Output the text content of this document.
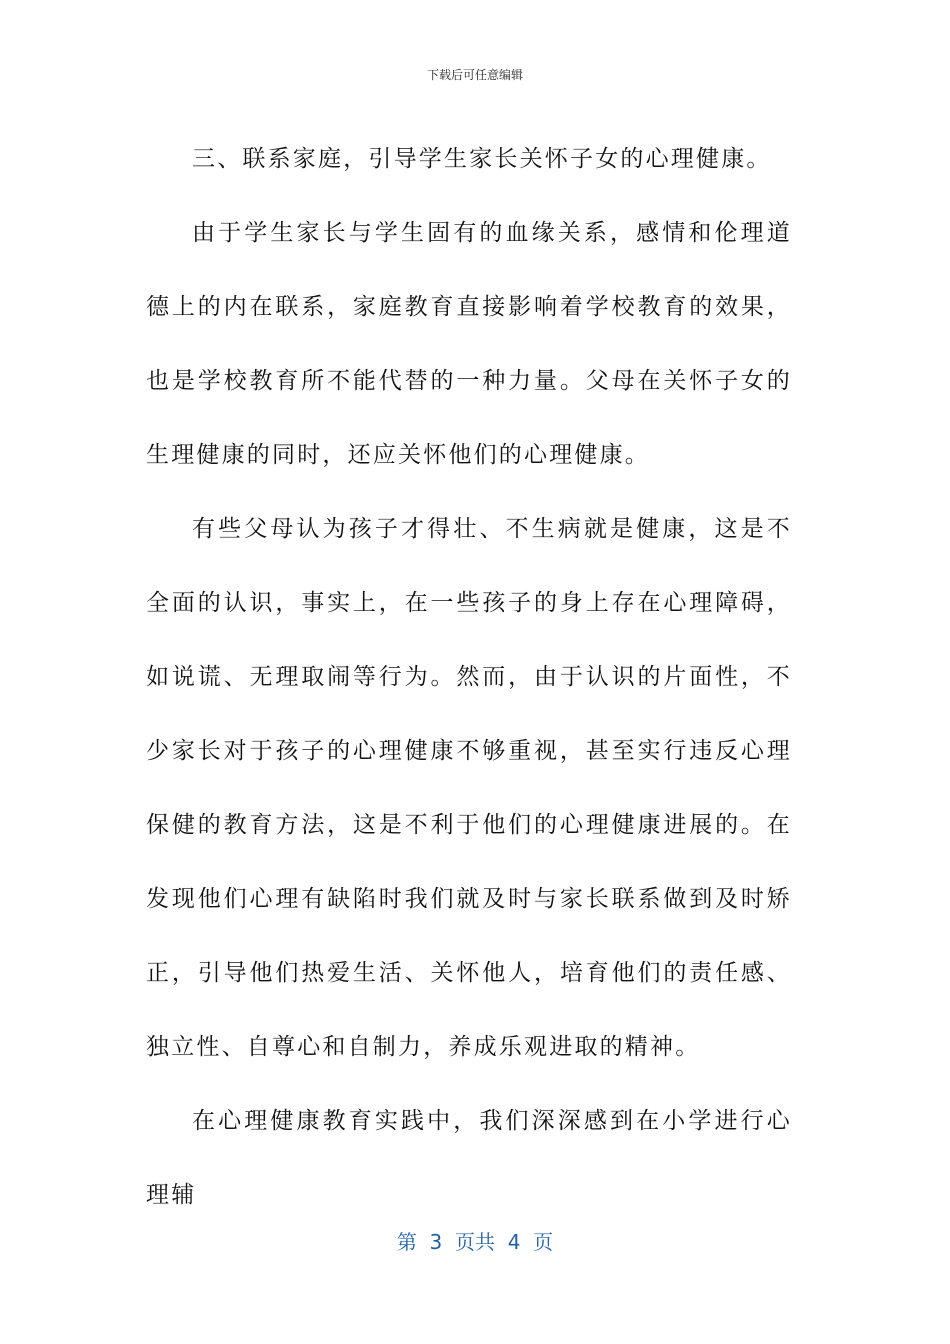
下载后可任意编辑

三、联系家庭，引导学生家长关怀子女的心理健康。

由于学生家长与学生固有的血缘关系，感情和伦理道德上的内在联系，家庭教育直接影响着学校教育的效果，也是学校教育所不能代替的一种力量。父母在关怀子女的生理健康的同时，还应关怀他们的心理健康。

有些父母认为孩子才得壮、不生病就是健康，这是不全面的认识，事实上，在一些孩子的身上存在心理障碍，如说谎、无理取闹等行为。然而，由于认识的片面性，不少家长对于孩子的心理健康不够重视，甚至实行违反心理保健的教育方法，这是不利于他们的心理健康进展的。在发现他们心理有缺陷时我们就及时与家长联系做到及时矫正，引导他们热爱生活、关怀他人，培育他们的责任感、独立性、自尊心和自制力，养成乐观进取的精神。

在心理健康教育实践中，我们深深感到在小学进行心理辅

第  3  页共  4  页
